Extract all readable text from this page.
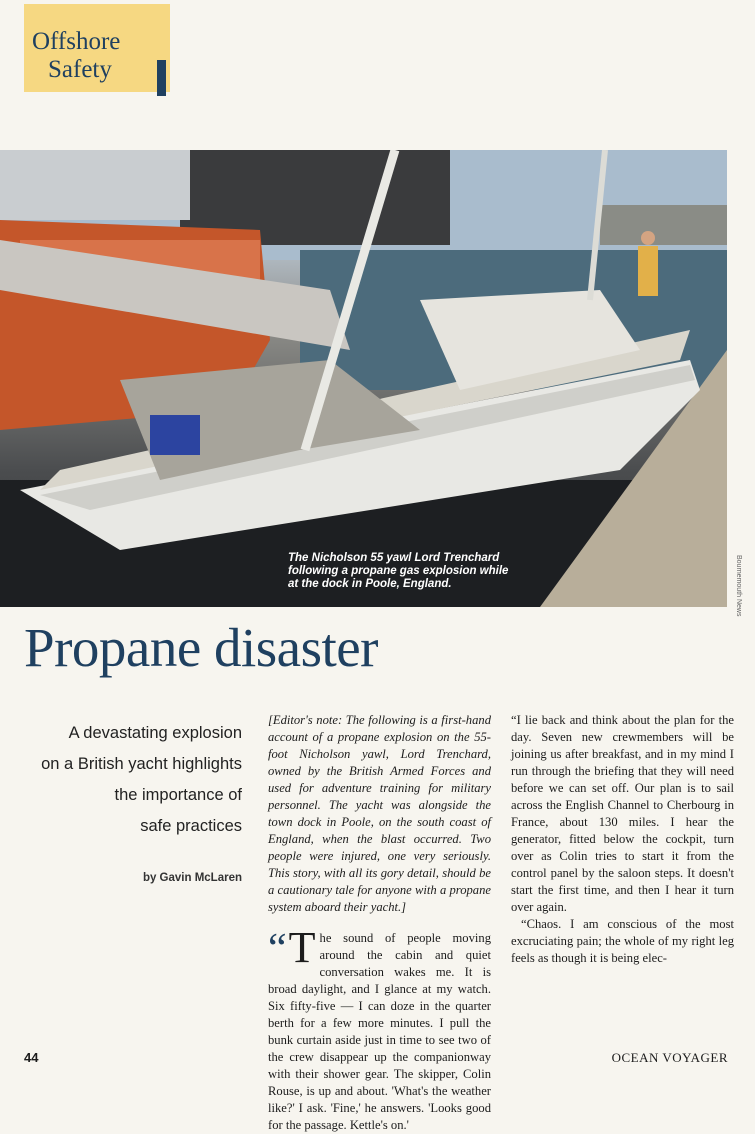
Offshore
Safety
The Nicholson 55 yawl Lord Trenchard following a propane gas explosion while at the dock in Poole, England.	Bournemouth News
Propane disaster
A devastating explosion
on a British yacht highlights
the importance of
safe practices
by Gavin McLaren

[Editor's note: The following is a first-hand account of a propane explosion on the 55-foot Nicholson yawl, Lord Trenchard, owned by the British Armed Forces and used for adventure training for military personnel. The yacht was alongside the town dock in Poole, on the south coast of England, when the blast occurred. Two people were injured, one very seriously. This story, with all its gory detail, should be a cautionary tale for anyone with a propane system aboard their yacht.]

“ T he sound of people moving around the cabin and quiet conversation wakes me. It is broad daylight, and I glance at my watch. Six fifty-five — I can doze in the quarter berth for a few more minutes. I pull the bunk curtain aside just in time to see two of the crew disappear up the companionway with their shower gear. The skipper, Colin Rouse, is up and about. 'What's the weather like?' I ask. 'Fine,' he answers. 'Looks good for the passage. Kettle's on.'

“I lie back and think about the plan for the day. Seven new crewmembers will be joining us after breakfast, and in my mind I run through the briefing that they will need before we can set off. Our plan is to sail across the English Channel to Cherbourg in France, about 130 miles. I hear the generator, fitted below the cockpit, turn over as Colin tries to start it from the control panel by the saloon steps. It doesn't start the first time, and then I hear it turn over again.

“Chaos. I am conscious of the most excruciating pain; the whole of my right leg feels as though it is being elec-

44	OCEAN VOYAGER
